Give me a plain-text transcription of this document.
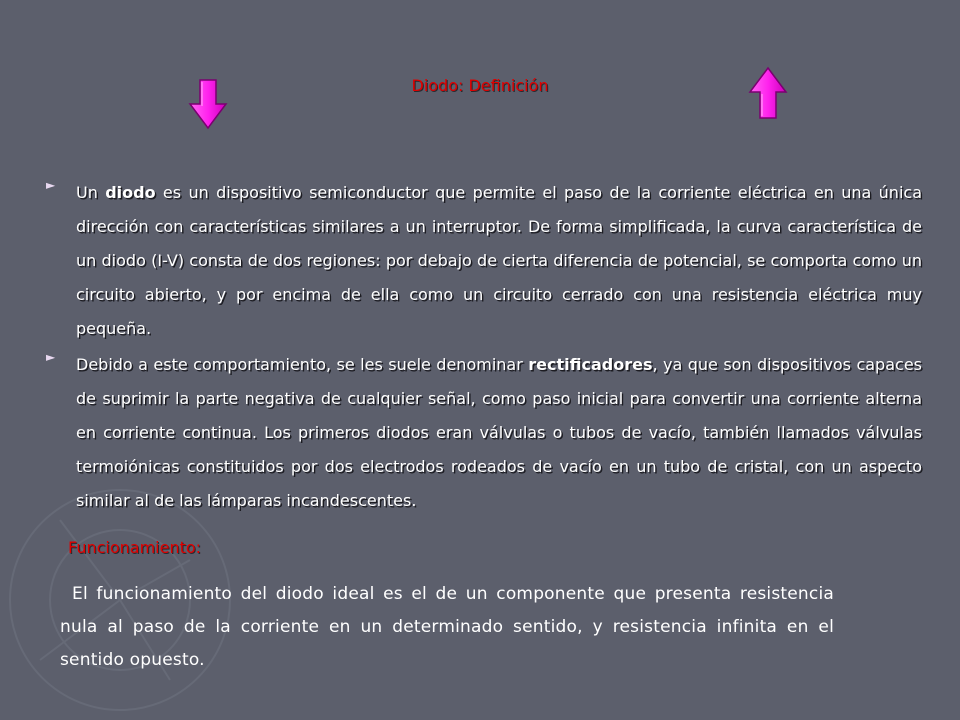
Diodo: Definición
► Un diodo es un dispositivo semiconductor que permite el paso de la corriente eléctrica en una única dirección con características similares a un interruptor. De forma simplificada, la curva característica de un diodo (I-V) consta de dos regiones: por debajo de cierta diferencia de potencial, se comporta como un circuito abierto, y por encima de ella como un circuito cerrado con una resistencia eléctrica muy pequeña.
► Debido a este comportamiento, se les suele denominar rectificadores, ya que son dispositivos capaces de suprimir la parte negativa de cualquier señal, como paso inicial para convertir una corriente alterna en corriente continua. Los primeros diodos eran válvulas o tubos de vacío, también llamados válvulas termoiónicas constituidos por dos electrodos rodeados de vacío en un tubo de cristal, con un aspecto similar al de las lámparas incandescentes.
Funcionamiento:
El funcionamiento del diodo ideal es el de un componente que presenta resistencia nula al paso de la corriente en un determinado sentido, y resistencia infinita en el sentido opuesto.
